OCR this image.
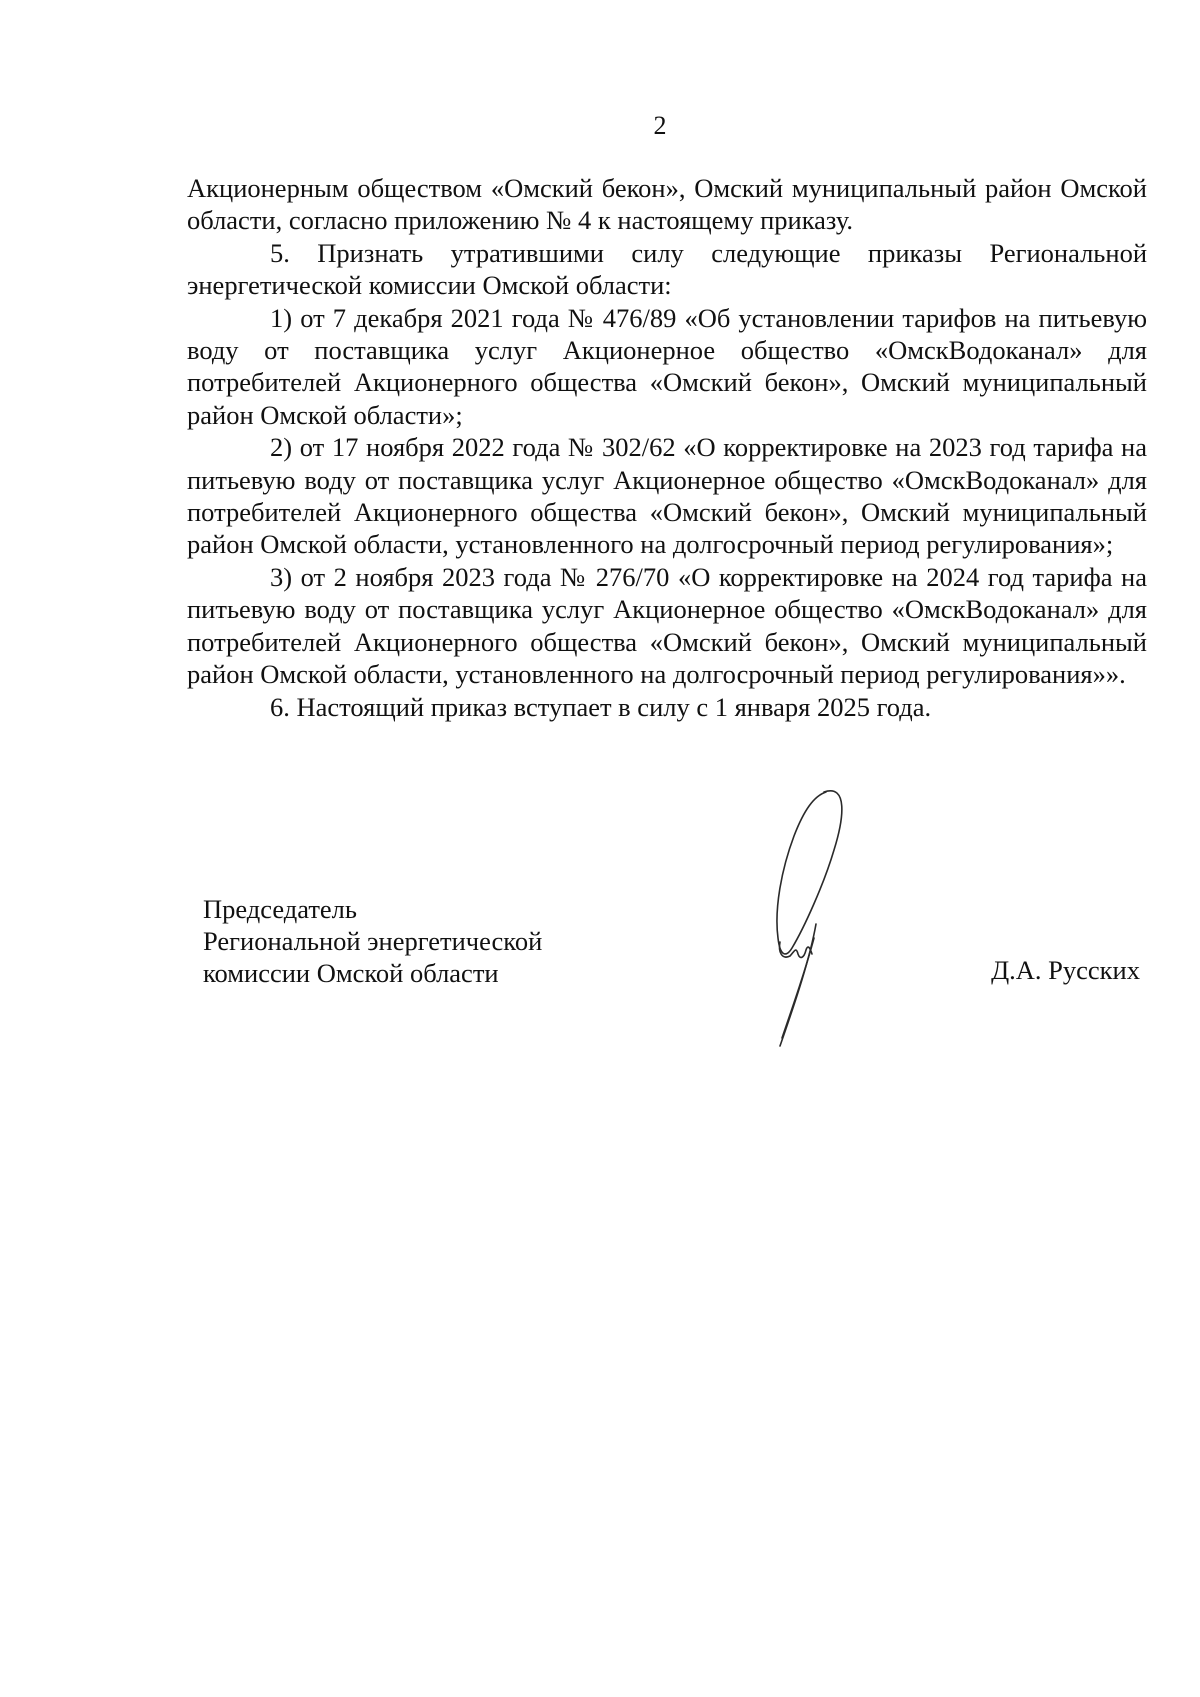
2

Акционерным обществом «Омский бекон», Омский муниципальный район Омской области, согласно приложению № 4 к настоящему приказу.

5. Признать утратившими силу следующие приказы Региональной энергетической комиссии Омской области:

1) от 7 декабря 2021 года № 476/89 «Об установлении тарифов на питьевую воду от поставщика услуг Акционерное общество «ОмскВодоканал» для потребителей Акционерного общества «Омский бекон», Омский муниципальный район Омской области»;

2) от 17 ноября 2022 года № 302/62 «О корректировке на 2023 год тарифа на питьевую воду от поставщика услуг Акционерное общество «ОмскВодоканал» для потребителей Акционерного общества «Омский бекон», Омский муниципальный район Омской области, установленного на долгосрочный период регулирования»;

3) от 2 ноября 2023 года № 276/70 «О корректировке на 2024 год тарифа на питьевую воду от поставщика услуг Акционерное общество «ОмскВодоканал» для потребителей Акционерного общества «Омский бекон», Омский муниципальный район Омской области, установленного на долгосрочный период регулирования»».

6. Настоящий приказ вступает в силу с 1 января 2025 года.

Председатель
Региональной энергетической
комиссии Омской области	Д.А. Русских
